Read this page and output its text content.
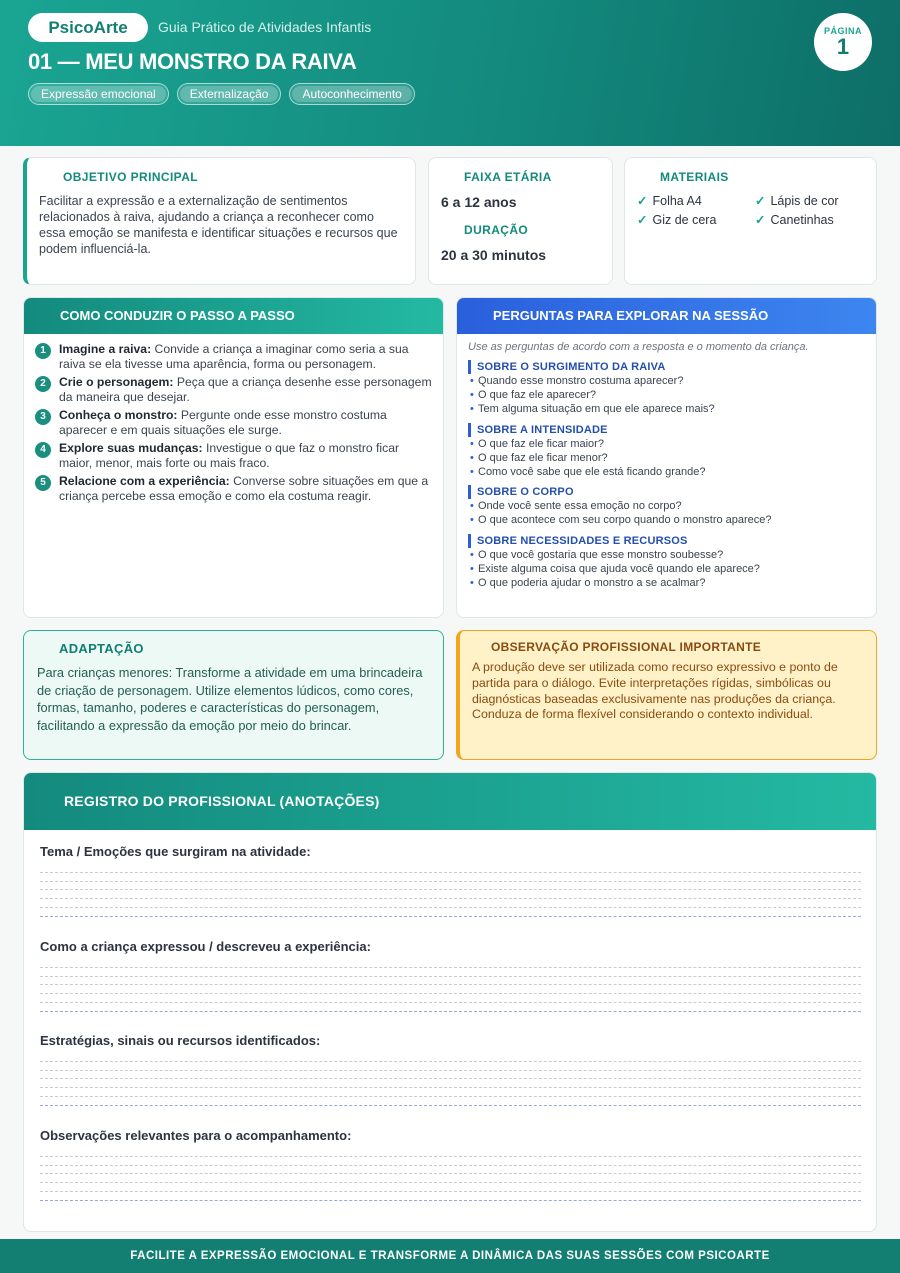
PsicoArte	Guia Prático de Atividades Infantis
01 — MEU MONSTRO DA RAIVA
Expressão emocional	Externalização	Autoconhecimento
PÁGINA
1
OBJETIVO PRINCIPAL

Facilitar a expressão e a externalização de sentimentos relacionados à raiva, ajudando a criança a reconhecer como essa emoção se manifesta e identificar situações e recursos que podem influenciá-la.

FAIXA ETÁRIA
6 a 12 anos
DURAÇÃO
20 a 30 minutos
MATERIAIS
✓ Folha A4	✓ Lápis de cor
✓ Giz de cera	✓ Canetinhas
COMO CONDUZIR O PASSO A PASSO
1	Imagine a raiva: Convide a criança a imaginar como seria a sua raiva se ela tivesse uma aparência, forma ou personagem.
2	Crie o personagem: Peça que a criança desenhe esse personagem da maneira que desejar.
3	Conheça o monstro: Pergunte onde esse monstro costuma aparecer e em quais situações ele surge.
4	Explore suas mudanças: Investigue o que faz o monstro ficar maior, menor, mais forte ou mais fraco.
5	Relacione com a experiência: Converse sobre situações em que a criança percebe essa emoção e como ela costuma reagir.
PERGUNTAS PARA EXPLORAR NA SESSÃO
Use as perguntas de acordo com a resposta e o momento da criança.
SOBRE O SURGIMENTO DA RAIVA
• Quando esse monstro costuma aparecer?
• O que faz ele aparecer?
• Tem alguma situação em que ele aparece mais?
SOBRE A INTENSIDADE
• O que faz ele ficar maior?
• O que faz ele ficar menor?
• Como você sabe que ele está ficando grande?
SOBRE O CORPO
• Onde você sente essa emoção no corpo?
• O que acontece com seu corpo quando o monstro aparece?
SOBRE NECESSIDADES E RECURSOS
• O que você gostaria que esse monstro soubesse?
• Existe alguma coisa que ajuda você quando ele aparece?
• O que poderia ajudar o monstro a se acalmar?
ADAPTAÇÃO

Para crianças menores: Transforme a atividade em uma brincadeira de criação de personagem. Utilize elementos lúdicos, como cores, formas, tamanho, poderes e características do personagem, facilitando a expressão da emoção por meio do brincar.

OBSERVAÇÃO PROFISSIONAL IMPORTANTE

A produção deve ser utilizada como recurso expressivo e ponto de partida para o diálogo. Evite interpretações rígidas, simbólicas ou diagnósticas baseadas exclusivamente nas produções da criança. Conduza de forma flexível considerando o contexto individual.

REGISTRO DO PROFISSIONAL (ANOTAÇÕES)
Tema / Emoções que surgiram na atividade:
Como a criança expressou / descreveu a experiência:
Estratégias, sinais ou recursos identificados:
Observações relevantes para o acompanhamento:
FACILITE A EXPRESSÃO EMOCIONAL E TRANSFORME A DINÂMICA DAS SUAS SESSÕES COM PSICOARTE
